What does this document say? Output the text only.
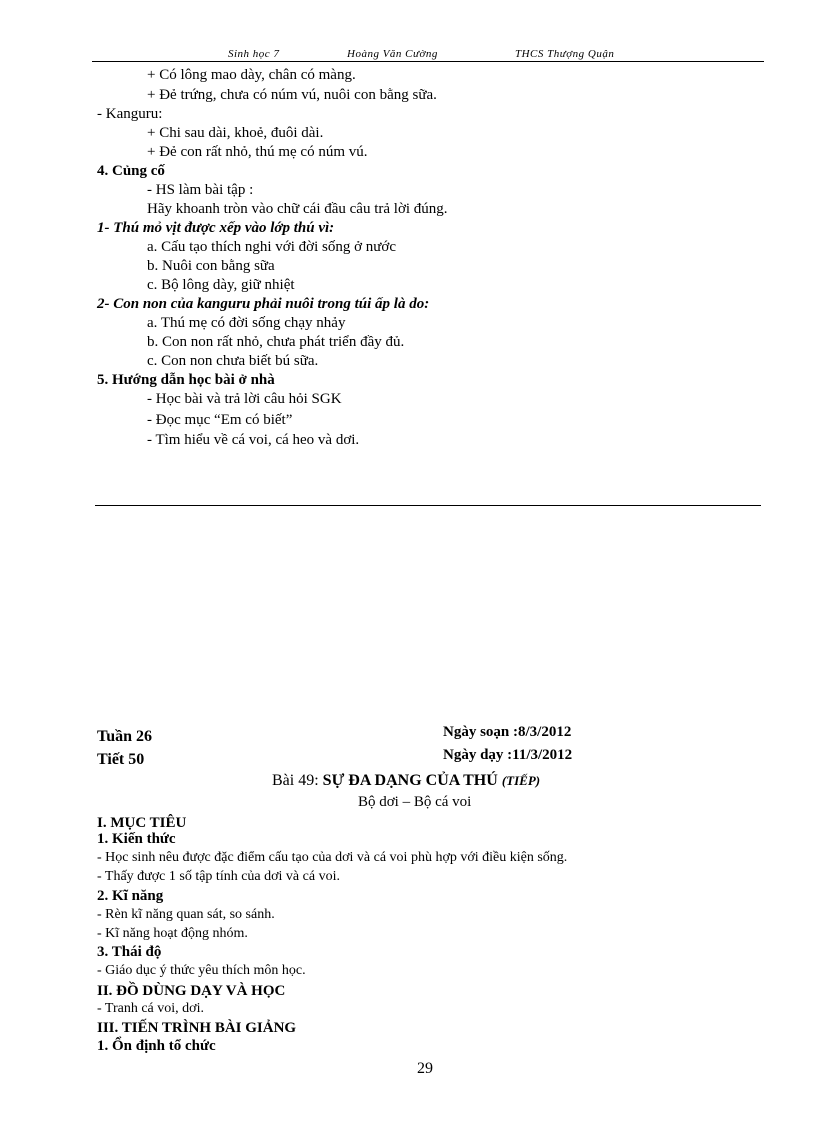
Sinh học 7	Hoàng Văn Cường	THCS Thượng Quận
+ Có lông mao dày, chân có màng.
+ Đẻ trứng, chưa có núm vú, nuôi con bằng sữa.
- Kanguru:
+ Chi sau dài, khoẻ, đuôi dài.
+ Đẻ con rất nhỏ, thú mẹ có núm vú.
4. Củng cố
- HS làm bài tập :
Hãy khoanh tròn vào chữ cái đầu câu trả lời đúng.
1- Thú mỏ vịt được xếp vào lớp thú vì:
a. Cấu tạo thích nghi với đời sống ở nước
b. Nuôi con bằng sữa
c. Bộ lông dày, giữ nhiệt
2- Con non của kanguru phải nuôi trong túi ấp là do:
a. Thú mẹ có đời sống chạy nhảy
b. Con non rất nhỏ, chưa phát triển đầy đủ.
c. Con non chưa biết bú sữa.
5. Hướng dẫn học bài ở nhà
- Học bài và trả lời câu hỏi SGK
- Đọc mục “Em có biết”
- Tìm hiểu về cá voi, cá heo và dơi.
Tuần 26
Tiết 50
Ngày soạn :8/3/2012
Ngày dạy :11/3/2012
Bài 49: SỰ ĐA DẠNG CỦA THÚ (TIẾP)
Bộ dơi – Bộ cá voi
I. MỤC TIÊU
1. Kiến thức
- Học sinh nêu được đặc điểm cấu tạo của dơi và cá voi phù hợp với điều kiện sống.
- Thấy được 1 số tập tính của dơi và cá voi.
2. Kĩ năng
- Rèn kĩ năng quan sát, so sánh.
- Kĩ năng hoạt động nhóm.
3. Thái độ
- Giáo dục ý thức yêu thích môn học.
II. ĐỒ DÙNG DẠY VÀ HỌC
- Tranh cá voi, dơi.
III. TIẾN TRÌNH BÀI GIẢNG
1. Ổn định tổ chức
29
